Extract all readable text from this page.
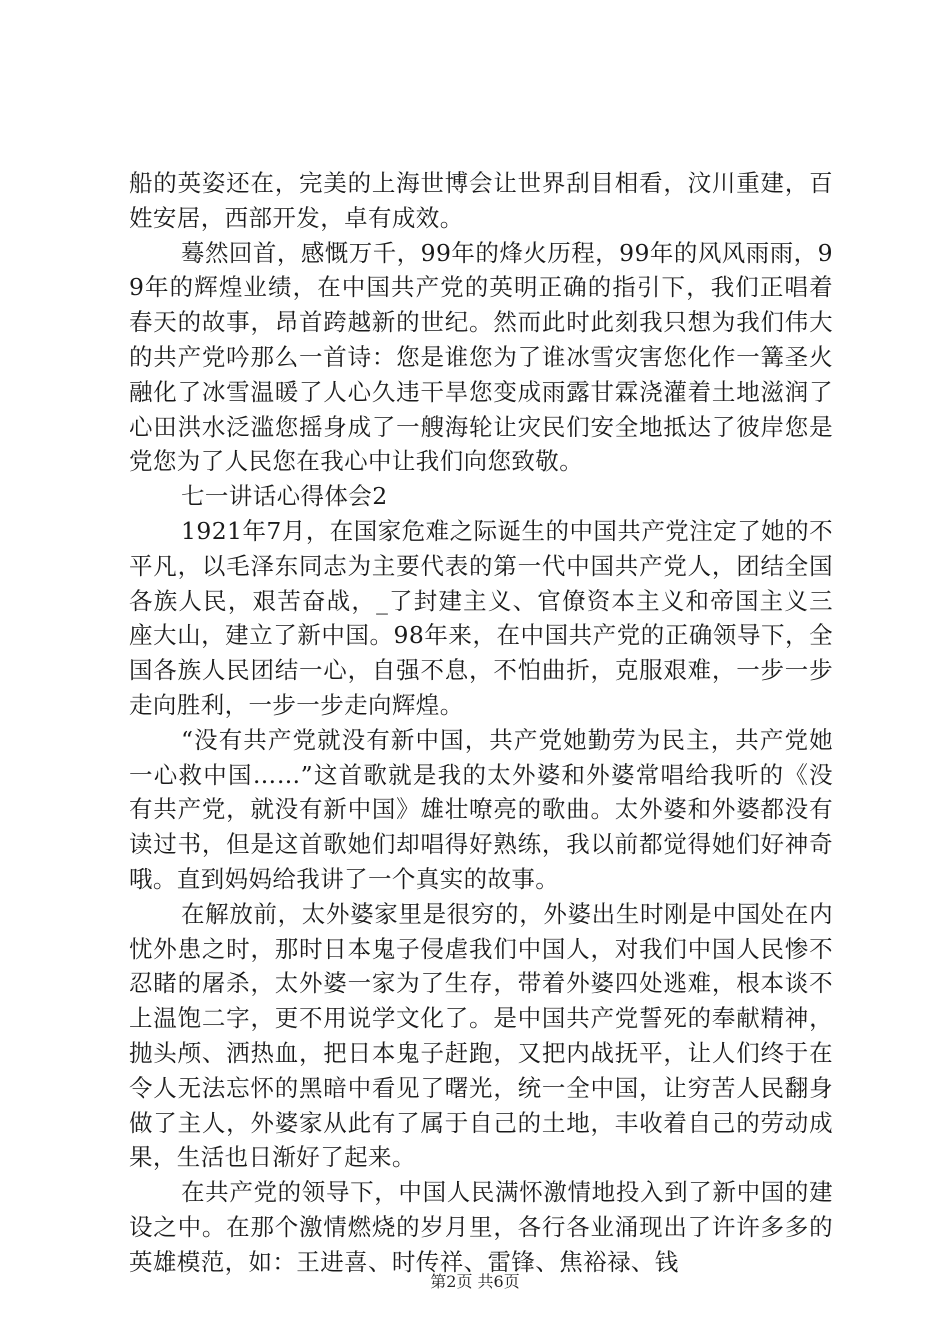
船的英姿还在，完美的上海世博会让世界刮目相看，汶川重建，百姓安居，西部开发，卓有成效。

蓦然回首，感慨万千，99年的烽火历程，99年的风风雨雨，99年的辉煌业绩，在中国共产党的英明正确的指引下，我们正唱着春天的故事，昂首跨越新的世纪。然而此时此刻我只想为我们伟大的共产党吟那么一首诗：您是谁您为了谁冰雪灾害您化作一篝圣火融化了冰雪温暖了人心久违干旱您变成雨露甘霖浇灌着土地滋润了心田洪水泛滥您摇身成了一艘海轮让灾民们安全地抵达了彼岸您是党您为了人民您在我心中让我们向您致敬。

七一讲话心得体会2

1921年7月，在国家危难之际诞生的中国共产党注定了她的不平凡，以毛泽东同志为主要代表的第一代中国共产党人，团结全国各族人民，艰苦奋战，_了封建主义、官僚资本主义和帝国主义三座大山，建立了新中国。98年来，在中国共产党的正确领导下，全国各族人民团结一心，自强不息，不怕曲折，克服艰难，一步一步走向胜利，一步一步走向辉煌。

“没有共产党就没有新中国，共产党她勤劳为民主，共产党她一心救中国……”这首歌就是我的太外婆和外婆常唱给我听的《没有共产党，就没有新中国》雄壮嘹亮的歌曲。太外婆和外婆都没有读过书，但是这首歌她们却唱得好熟练，我以前都觉得她们好神奇哦。直到妈妈给我讲了一个真实的故事。

在解放前，太外婆家里是很穷的，外婆出生时刚是中国处在内忧外患之时，那时日本鬼子侵虐我们中国人，对我们中国人民惨不忍睹的屠杀，太外婆一家为了生存，带着外婆四处逃难，根本谈不上温饱二字，更不用说学文化了。是中国共产党誓死的奉献精神，抛头颅、洒热血，把日本鬼子赶跑，又把内战抚平，让人们终于在令人无法忘怀的黑暗中看见了曙光，统一全中国，让穷苦人民翻身做了主人，外婆家从此有了属于自己的土地，丰收着自己的劳动成果，生活也日渐好了起来。

在共产党的领导下，中国人民满怀激情地投入到了新中国的建设之中。在那个激情燃烧的岁月里，各行各业涌现出了许许多多的英雄模范，如：王进喜、时传祥、雷锋、焦裕禄、钱

第2页 共6页
